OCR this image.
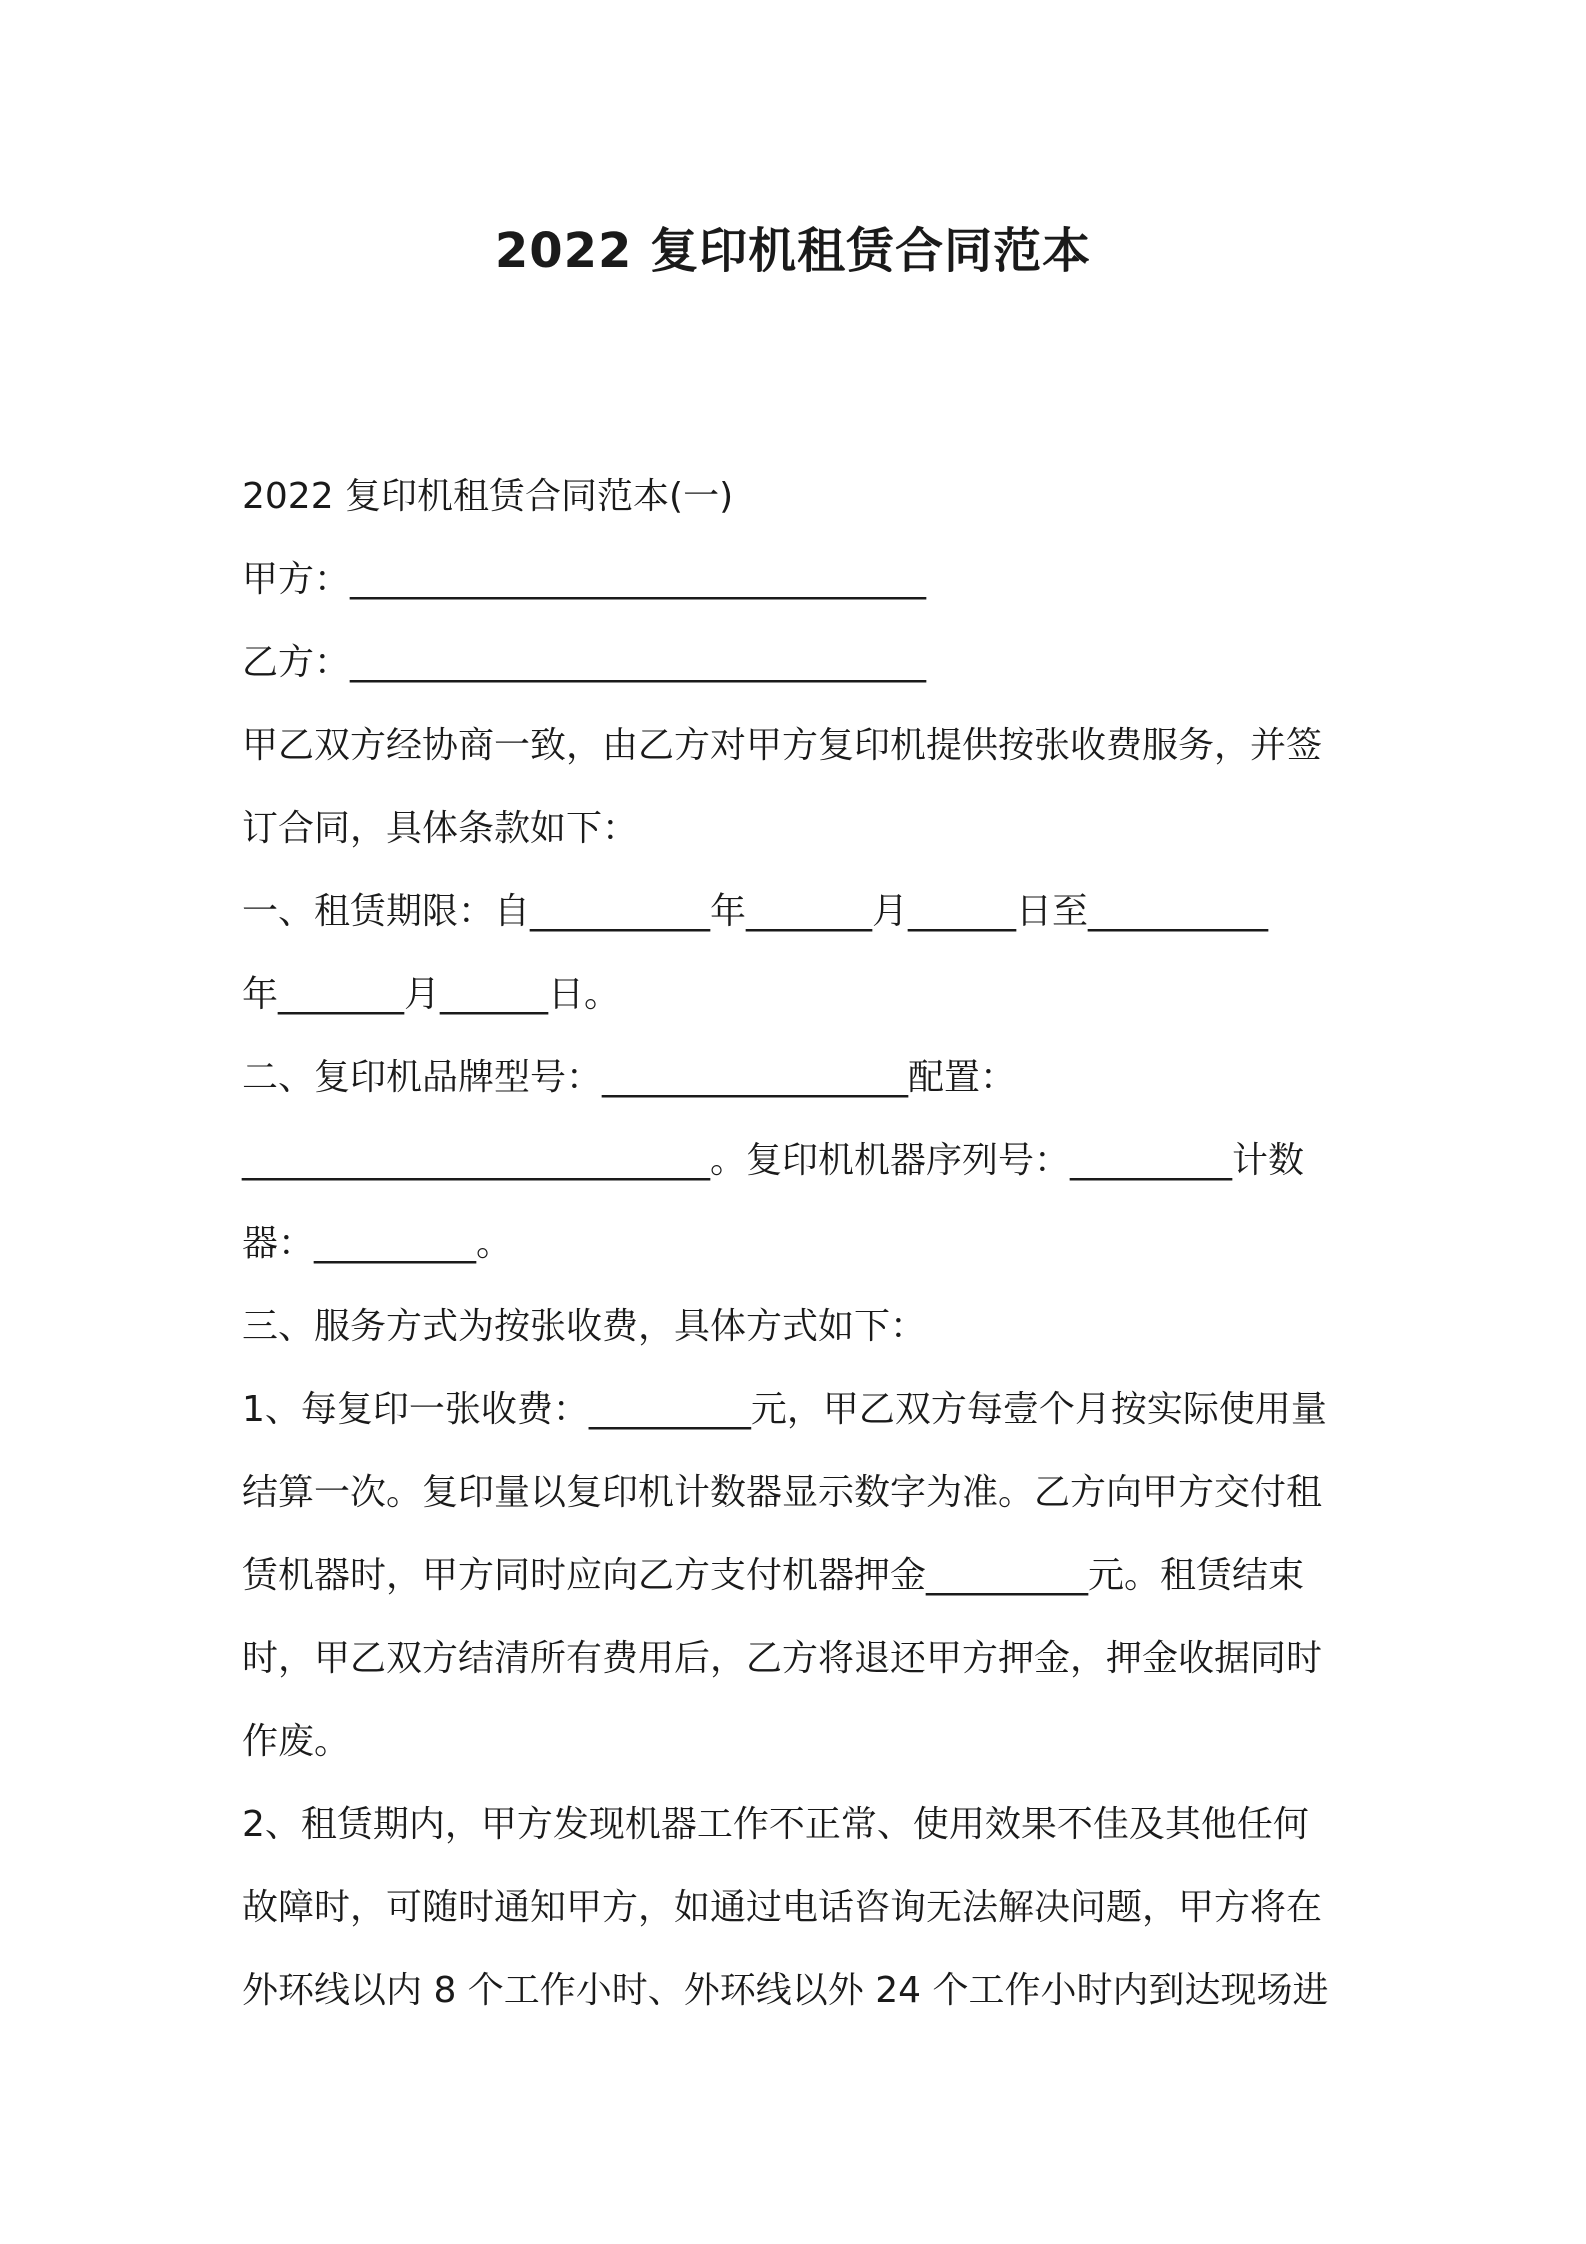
2022 复印机租赁合同范本
2022 复印机租赁合同范本(一)
甲方：________________________________
乙方：________________________________
甲乙双方经协商一致，由乙方对甲方复印机提供按张收费服务，并签
订合同，具体条款如下：
一、租赁期限：自__________年_______月______日至__________
年_______月______日。
二、复印机品牌型号：_________________配置：
__________________________。复印机机器序列号：_________计数
器：_________。
三、服务方式为按张收费，具体方式如下：
1、每复印一张收费：_________元，甲乙双方每壹个月按实际使用量
结算一次。复印量以复印机计数器显示数字为准。乙方向甲方交付租
赁机器时，甲方同时应向乙方支付机器押金_________元。租赁结束
时，甲乙双方结清所有费用后，乙方将退还甲方押金，押金收据同时
作废。
2、租赁期内，甲方发现机器工作不正常、使用效果不佳及其他任何
故障时，可随时通知甲方，如通过电话咨询无法解决问题，甲方将在
外环线以内 8 个工作小时、外环线以外 24 个工作小时内到达现场进
